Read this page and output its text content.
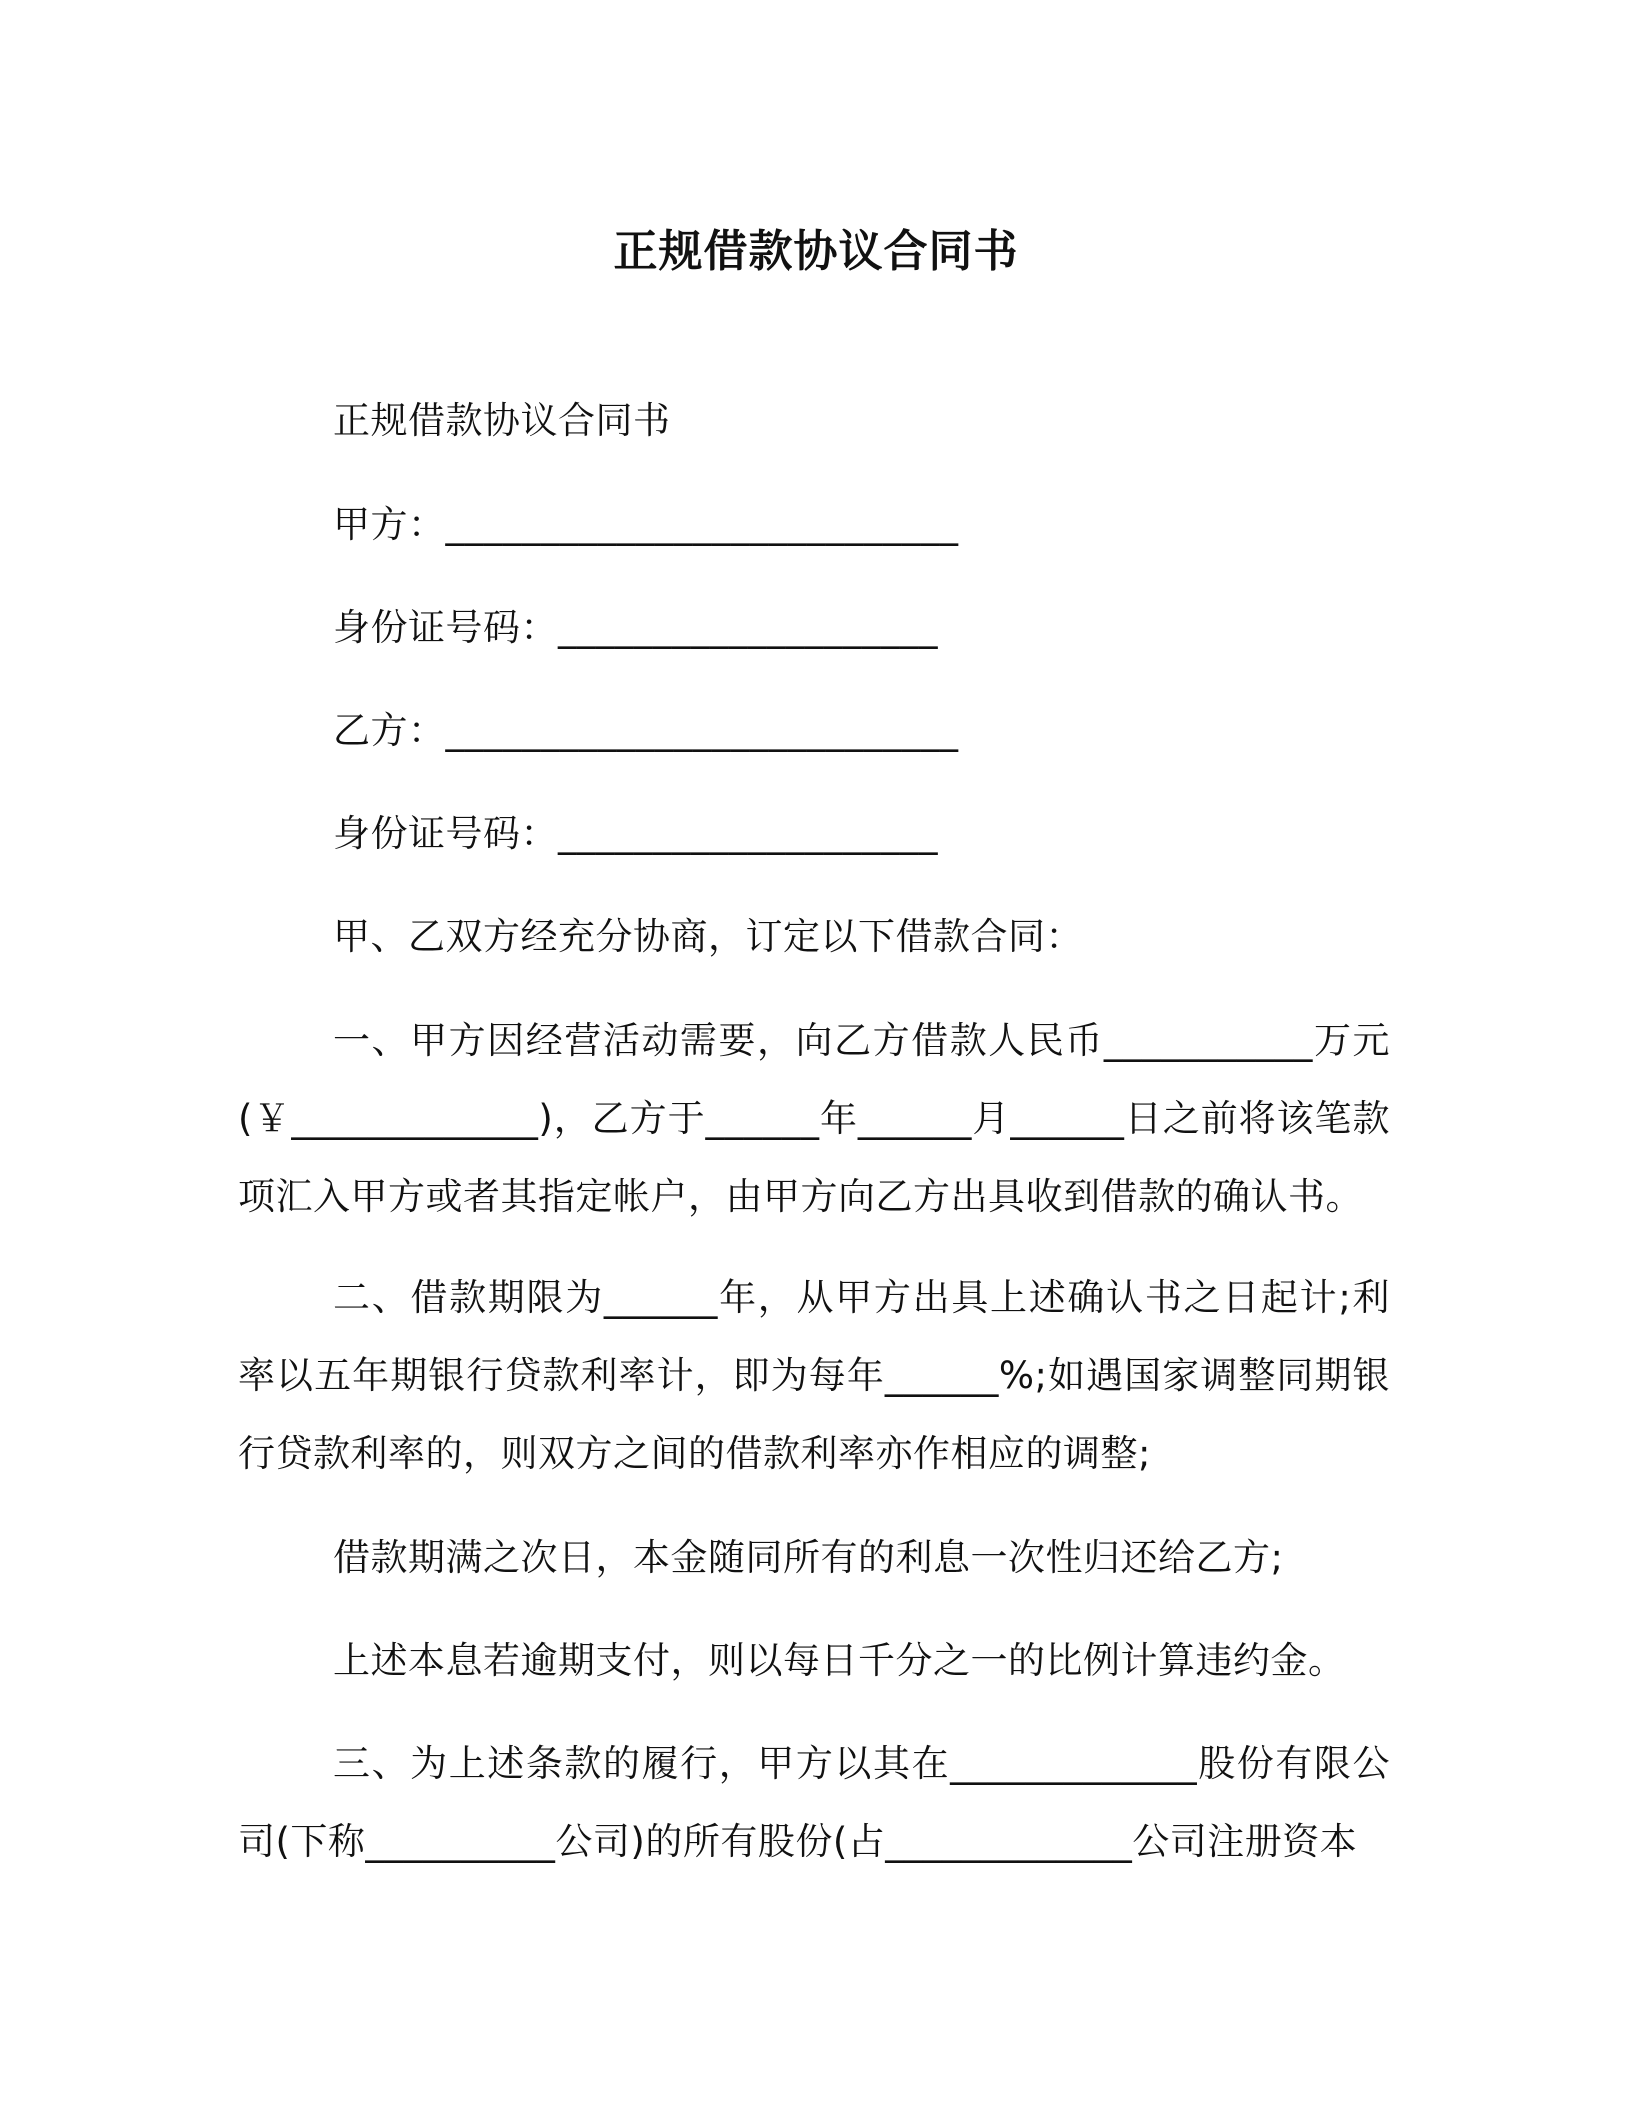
正规借款协议合同书
正规借款协议合同书
甲方：___________________________
身份证号码：____________________
乙方：___________________________
身份证号码：____________________
甲、乙双方经充分协商，订定以下借款合同：
一、甲方因经营活动需要，向乙方借款人民币___________万元(￥_____________)，乙方于______年______月______日之前将该笔款项汇入甲方或者其指定帐户，由甲方向乙方出具收到借款的确认书。
二、借款期限为______年，从甲方出具上述确认书之日起计;利率以五年期银行贷款利率计，即为每年______%;如遇国家调整同期银行贷款利率的，则双方之间的借款利率亦作相应的调整;
借款期满之次日，本金随同所有的利息一次性归还给乙方;
上述本息若逾期支付，则以每日千分之一的比例计算违约金。
三、为上述条款的履行，甲方以其在_____________股份有限公司(下称__________公司)的所有股份(占_____________公司注册资本
